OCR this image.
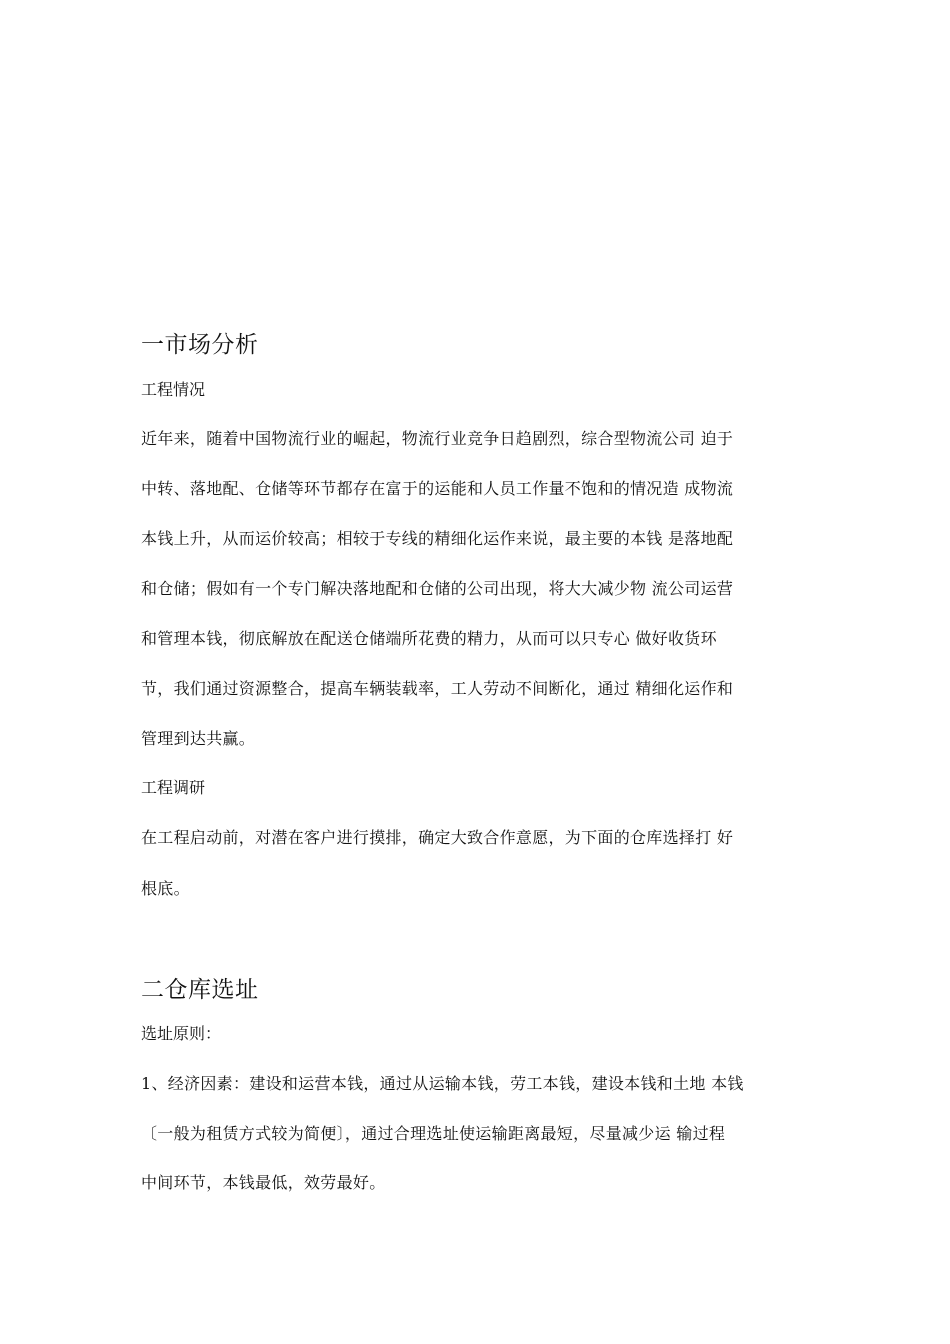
一市场分析
工程情况
近年来，随着中国物流行业的崛起，物流行业竞争日趋剧烈，综合型物流公司 迫于
中转、落地配、仓储等环节都存在富于的运能和人员工作量不饱和的情况造 成物流
本钱上升，从而运价较高；相较于专线的精细化运作来说，最主要的本钱 是落地配
和仓储；假如有一个专门解决落地配和仓储的公司出现，将大大减少物 流公司运营
和管理本钱，彻底解放在配送仓储端所花费的精力，从而可以只专心 做好收货环
节，我们通过资源整合，提高车辆装载率，工人劳动不间断化，通过 精细化运作和
管理到达共赢。
工程调研
在工程启动前，对潜在客户进行摸排，确定大致合作意愿，为下面的仓库选择打 好
根底。
二仓库选址
选址原则：
1、经济因素：建设和运营本钱，通过从运输本钱，劳工本钱，建设本钱和土地 本钱
〔一般为租赁方式较为简便〕，通过合理选址使运输距离最短，尽量减少运 输过程
中间环节，本钱最低，效劳最好。
